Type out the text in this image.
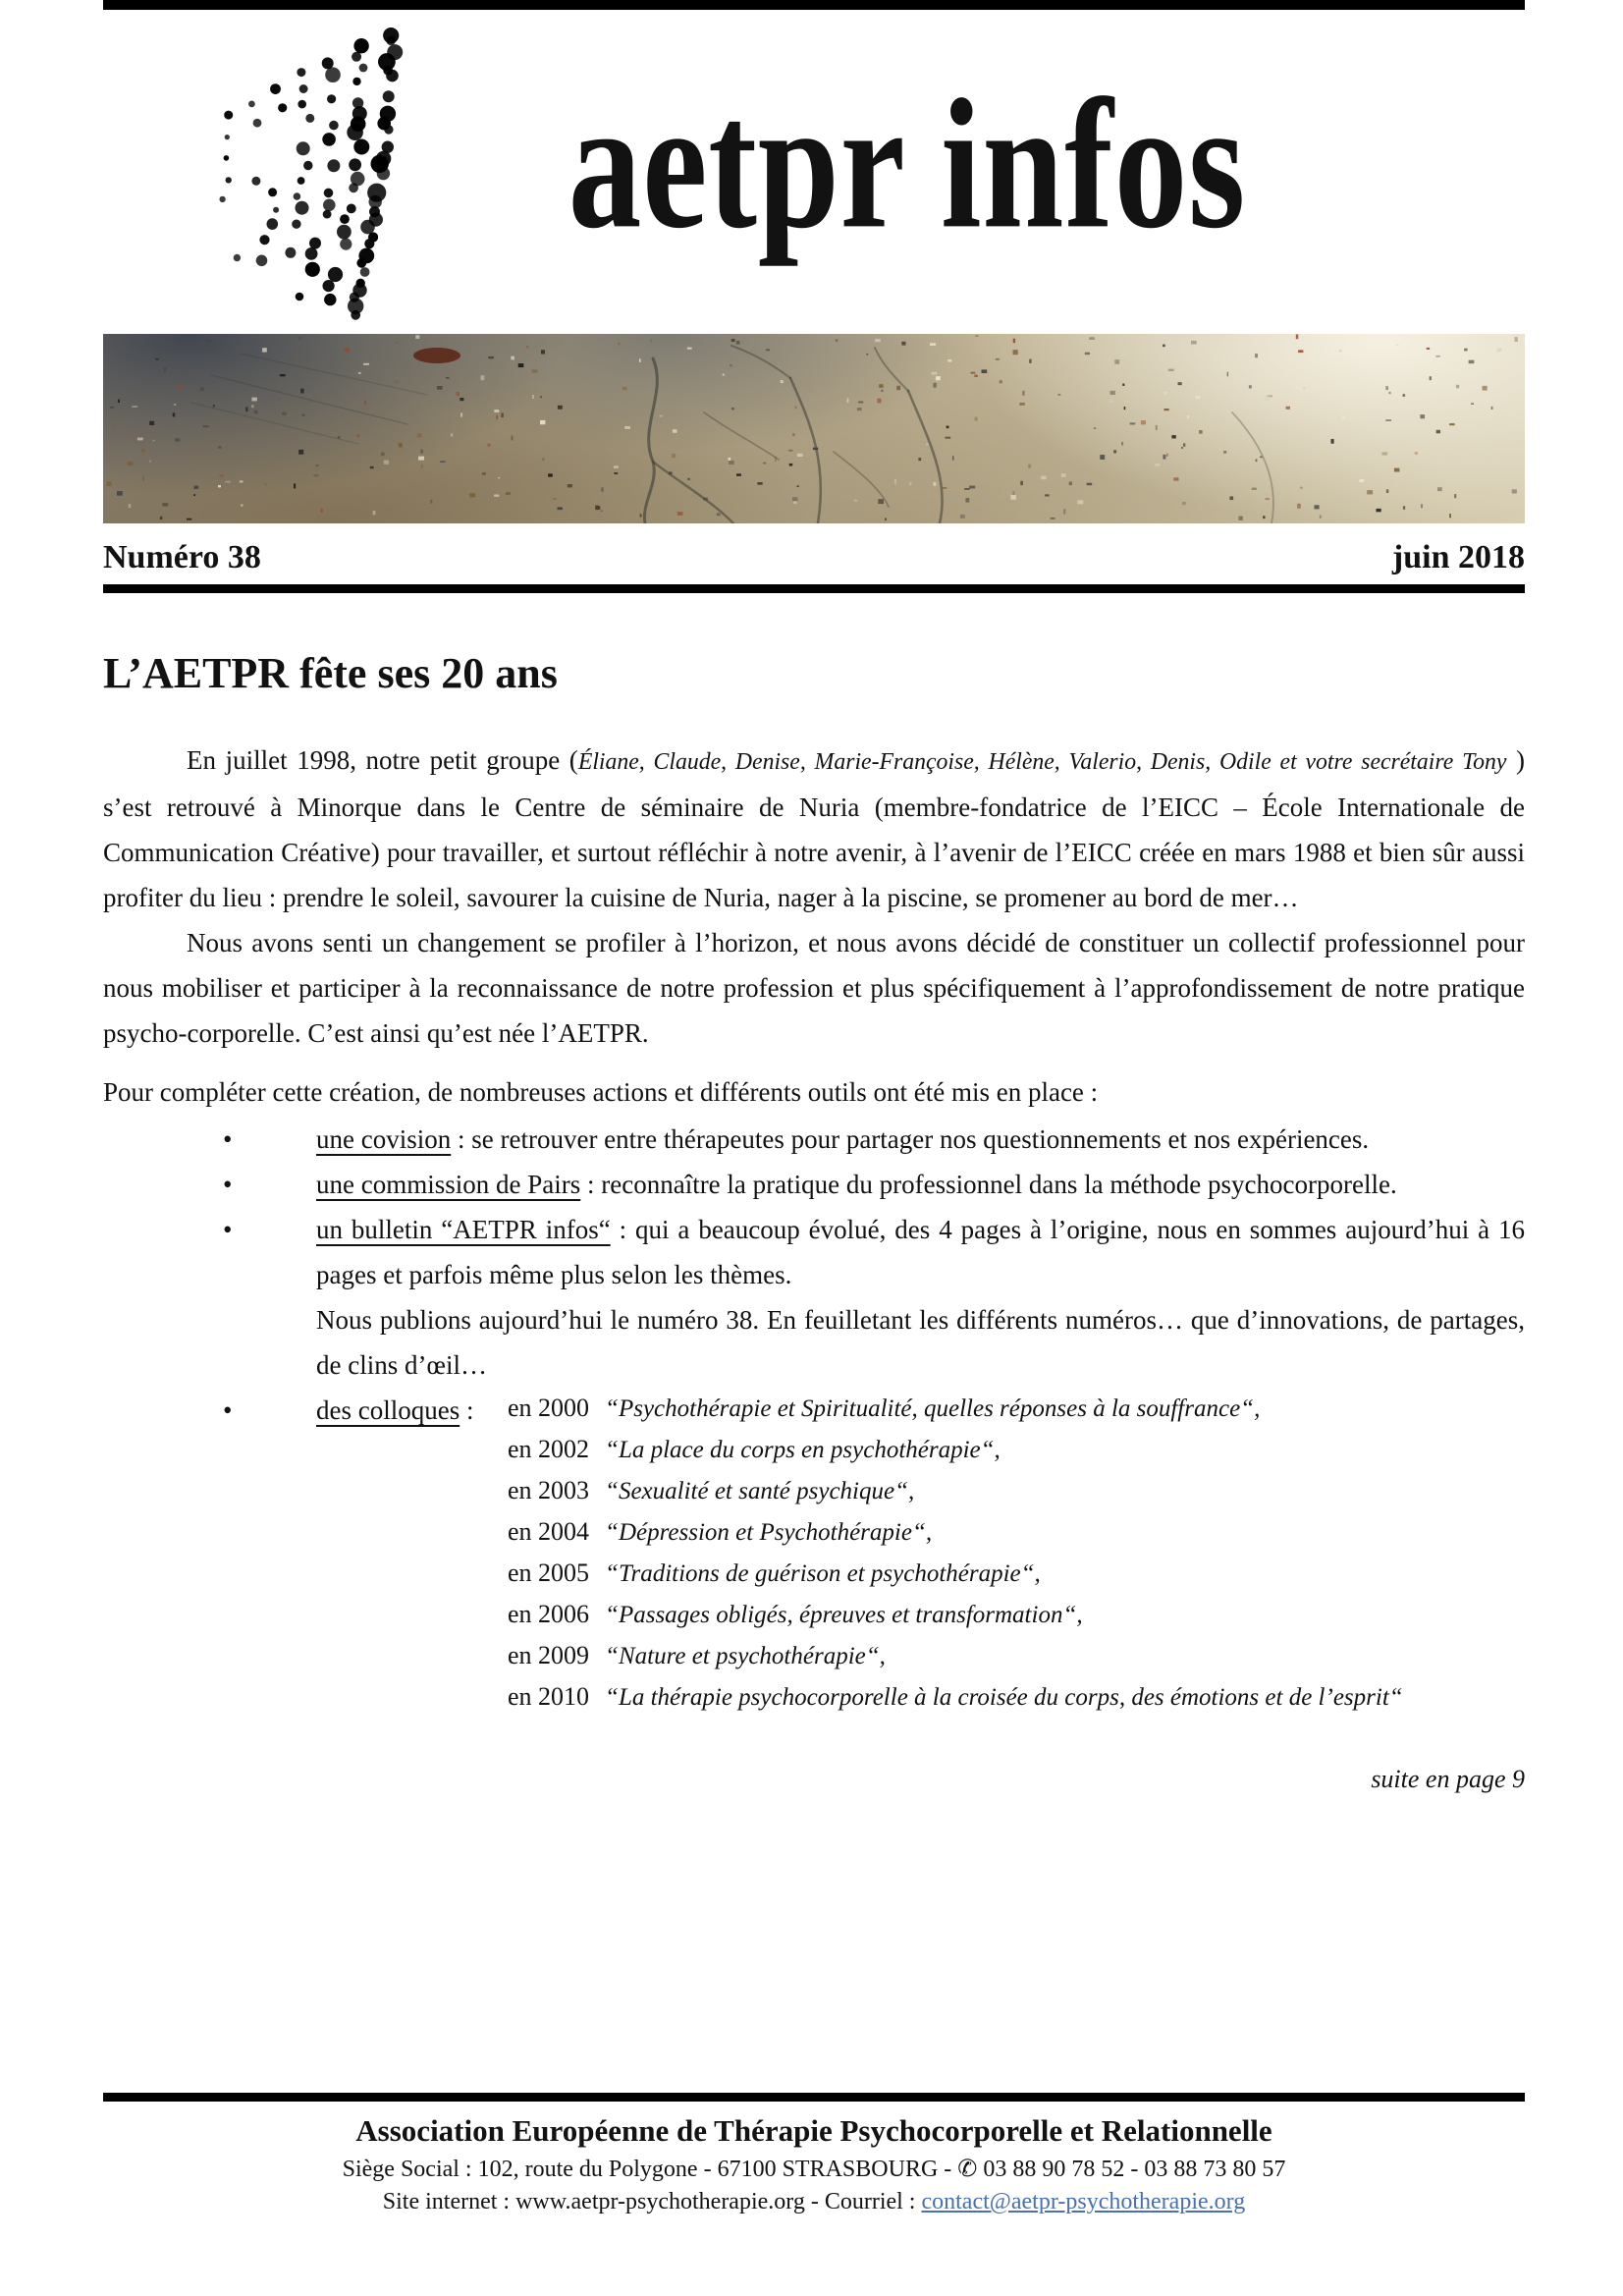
aetpr infos
Numéro 38	juin 2018
L’AETPR fête ses 20 ans

En juillet 1998, notre petit groupe (Éliane, Claude, Denise, Marie-Françoise, Hélène, Valerio, Denis, Odile et votre secrétaire Tony ) s’est retrouvé à Minorque dans le Centre de séminaire de Nuria (membre-fondatrice de l’EICC – École Internationale de Communication Créative) pour travailler, et surtout réfléchir à notre avenir, à l’avenir de l’EICC créée en mars 1988 et bien sûr aussi profiter du lieu : prendre le soleil, savourer la cuisine de Nuria, nager à la piscine, se promener au bord de mer…

Nous avons senti un changement se profiler à l’horizon, et nous avons décidé de constituer un collectif professionnel pour nous mobiliser et participer à la reconnaissance de notre profession et plus spécifiquement à l’approfondissement de notre pratique psycho-corporelle. C’est ainsi qu’est née l’AETPR.

Pour compléter cette création, de nombreuses actions et différents outils ont été mis en place :

•	une covision : se retrouver entre thérapeutes pour partager nos questionnements et nos expériences.
•	une commission de Pairs : reconnaître la pratique du professionnel dans la méthode psychocorporelle.
•	un bulletin “AETPR infos“ : qui a beaucoup évolué, des 4 pages à l’origine, nous en sommes aujourd’hui à 16 pages et parfois même plus selon les thèmes.
Nous publions aujourd’hui le numéro 38. En feuilletant les différents numéros… que d’innovations, de partages, de clins d’œil…
•	des colloques :	en 2000 “Psychothérapie et Spiritualité, quelles réponses à la souffrance“,
en 2002 “La place du corps en psychothérapie“,
en 2003 “Sexualité et santé psychique“,
en 2004 “Dépression et Psychothérapie“,
en 2005 “Traditions de guérison et psychothérapie“,
en 2006 “Passages obligés, épreuves et transformation“,
en 2009 “Nature et psychothérapie“,
en 2010 “La thérapie psychocorporelle à la croisée du corps, des émotions et de l’esprit“
suite en page 9
Association Européenne de Thérapie Psychocorporelle et Relationnelle
Siège Social : 102, route du Polygone - 67100 STRASBOURG - ✆ 03 88 90 78 52 - 03 88 73 80 57
Site internet : www.aetpr-psychotherapie.org - Courriel : contact@aetpr-psychotherapie.org
